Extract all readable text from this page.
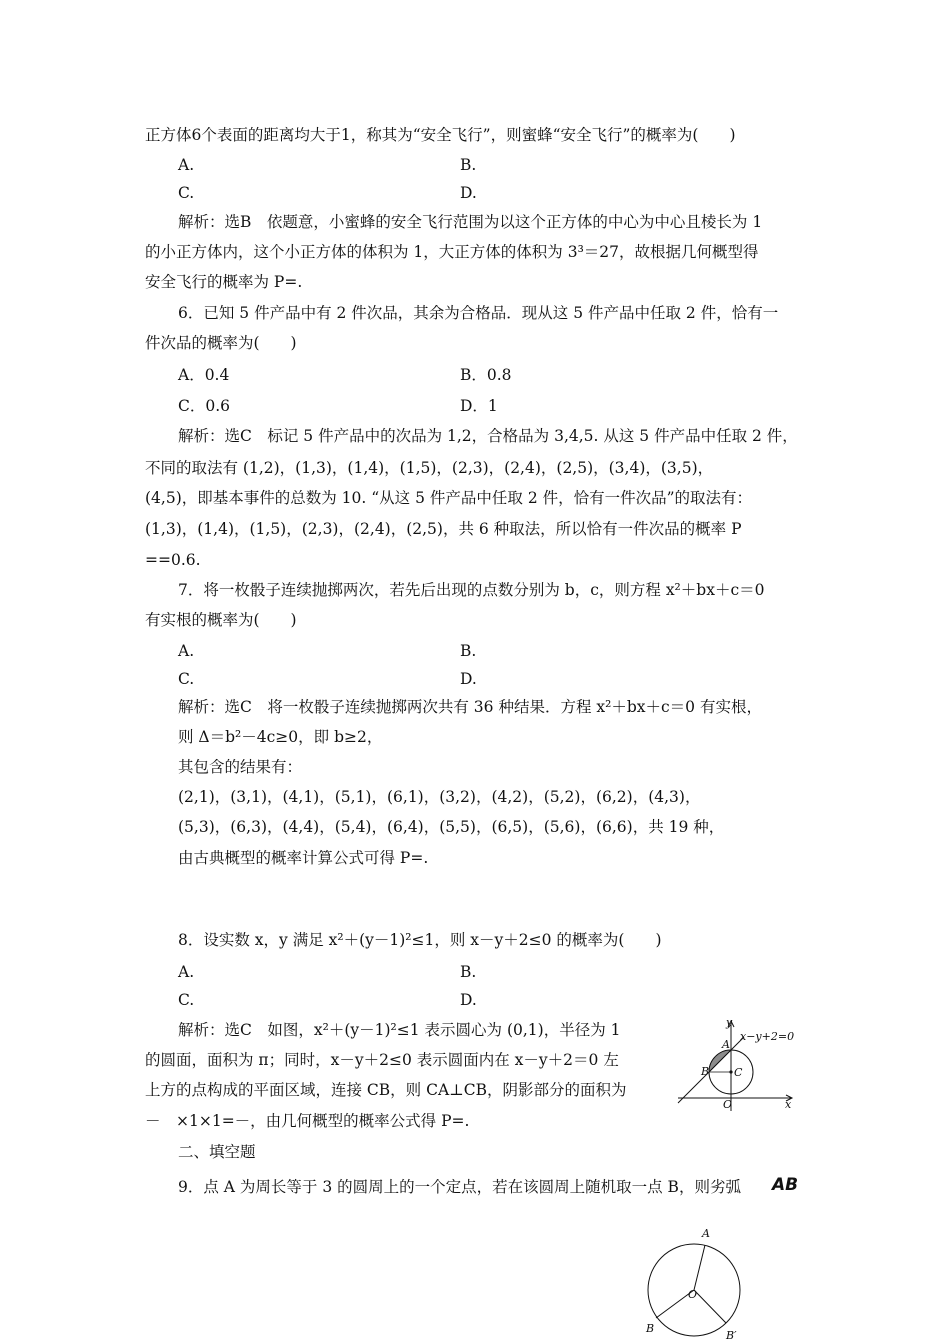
正方体6个表面的距离均大于1，称其为“安全飞行”，则蜜蜂“安全飞行”的概率为(　　)
A.	B.
C.	D.
解析：选B　依题意，小蜜蜂的安全飞行范围为以这个正方体的中心为中心且棱长为 1
的小正方体内，这个小正方体的体积为 1，大正方体的体积为 3³＝27，故根据几何概型得
安全飞行的概率为 P=.
6．已知 5 件产品中有 2 件次品，其余为合格品．现从这 5 件产品中任取 2 件，恰有一
件次品的概率为(　　)
A．0.4	B．0.8
C．0.6	D．1
解析：选C　标记 5 件产品中的次品为 1,2，合格品为 3,4,5. 从这 5 件产品中任取 2 件，
不同的取法有 (1,2)，(1,3)，(1,4)，(1,5)，(2,3)，(2,4)，(2,5)，(3,4)，(3,5)，
(4,5)，即基本事件的总数为 10. “从这 5 件产品中任取 2 件，恰有一件次品”的取法有：
(1,3)，(1,4)，(1,5)，(2,3)，(2,4)，(2,5)，共 6 种取法，所以恰有一件次品的概率 P
==0.6.
7．将一枚骰子连续抛掷两次，若先后出现的点数分别为 b，c，则方程 x²＋bx＋c＝0
有实根的概率为(　　)
A.	B.
C.	D.
解析：选C　将一枚骰子连续抛掷两次共有 36 种结果．方程 x²＋bx＋c＝0 有实根，
则 Δ＝b²－4c≥0，即 b≥2，
其包含的结果有：
(2,1)，(3,1)，(4,1)，(5,1)，(6,1)，(3,2)，(4,2)，(5,2)，(6,2)，(4,3)，
(5,3)，(6,3)，(4,4)，(5,4)，(6,4)，(5,5)，(6,5)，(5,6)，(6,6)，共 19 种，
由古典概型的概率计算公式可得 P=.
8．设实数 x，y 满足 x²＋(y－1)²≤1，则 x－y＋2≤0 的概率为(　　)
A.	B.
C.	D.
解析：选C　如图，x²＋(y－1)²≤1 表示圆心为 (0,1)，半径为 1
的圆面，面积为 π；同时，x－y＋2≤0 表示圆面内在 x－y＋2＝0 左
上方的点构成的平面区域，连接 CB，则 CA⊥CB，阴影部分的面积为
－　×1×1=－，由几何概型的概率公式得 P=.
二、填空题
9．点 A 为周长等于 3 的圆周上的一个定点，若在该圆周上随机取一点 B，则劣弧 AB
y
x−y+2=0
A
B C
O	x
A
B
B′
O
